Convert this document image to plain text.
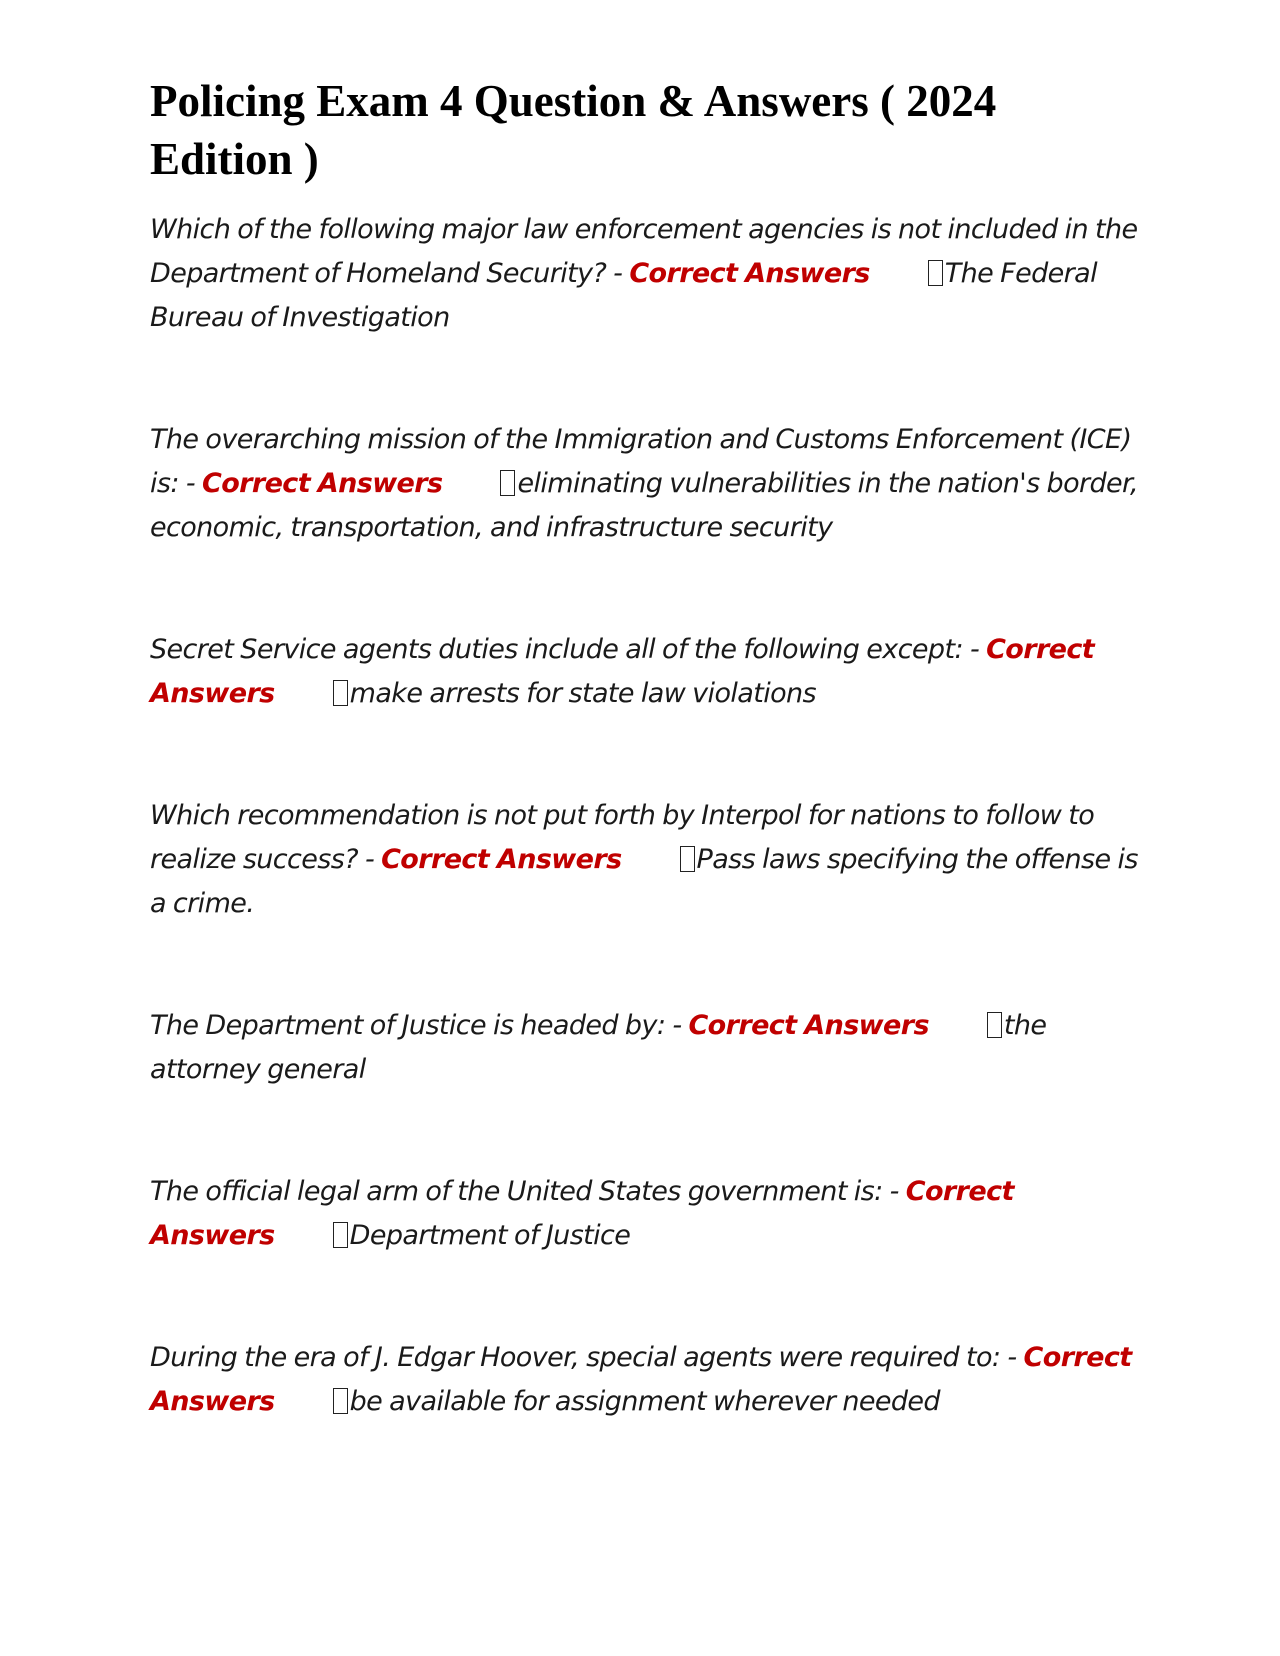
Policing Exam 4 Question & Answers ( 2024 Edition )

Which of the following major law enforcement agencies is not included in the Department of Homeland Security? - Correct Answers	The Federal Bureau of Investigation

The overarching mission of the Immigration and Customs Enforcement (ICE) is: - Correct Answers	eliminating vulnerabilities in the nation's border, economic, transportation, and infrastructure security

Secret Service agents duties include all of the following except: - Correct Answers	make arrests for state law violations

Which recommendation is not put forth by Interpol for nations to follow to realize success? - Correct Answers	Pass laws specifying the offense is a crime.

The Department of Justice is headed by: - Correct Answers	the attorney general

The official legal arm of the United States government is: - Correct Answers	Department of Justice

During the era of J. Edgar Hoover, special agents were required to: - Correct Answers	be available for assignment wherever needed
